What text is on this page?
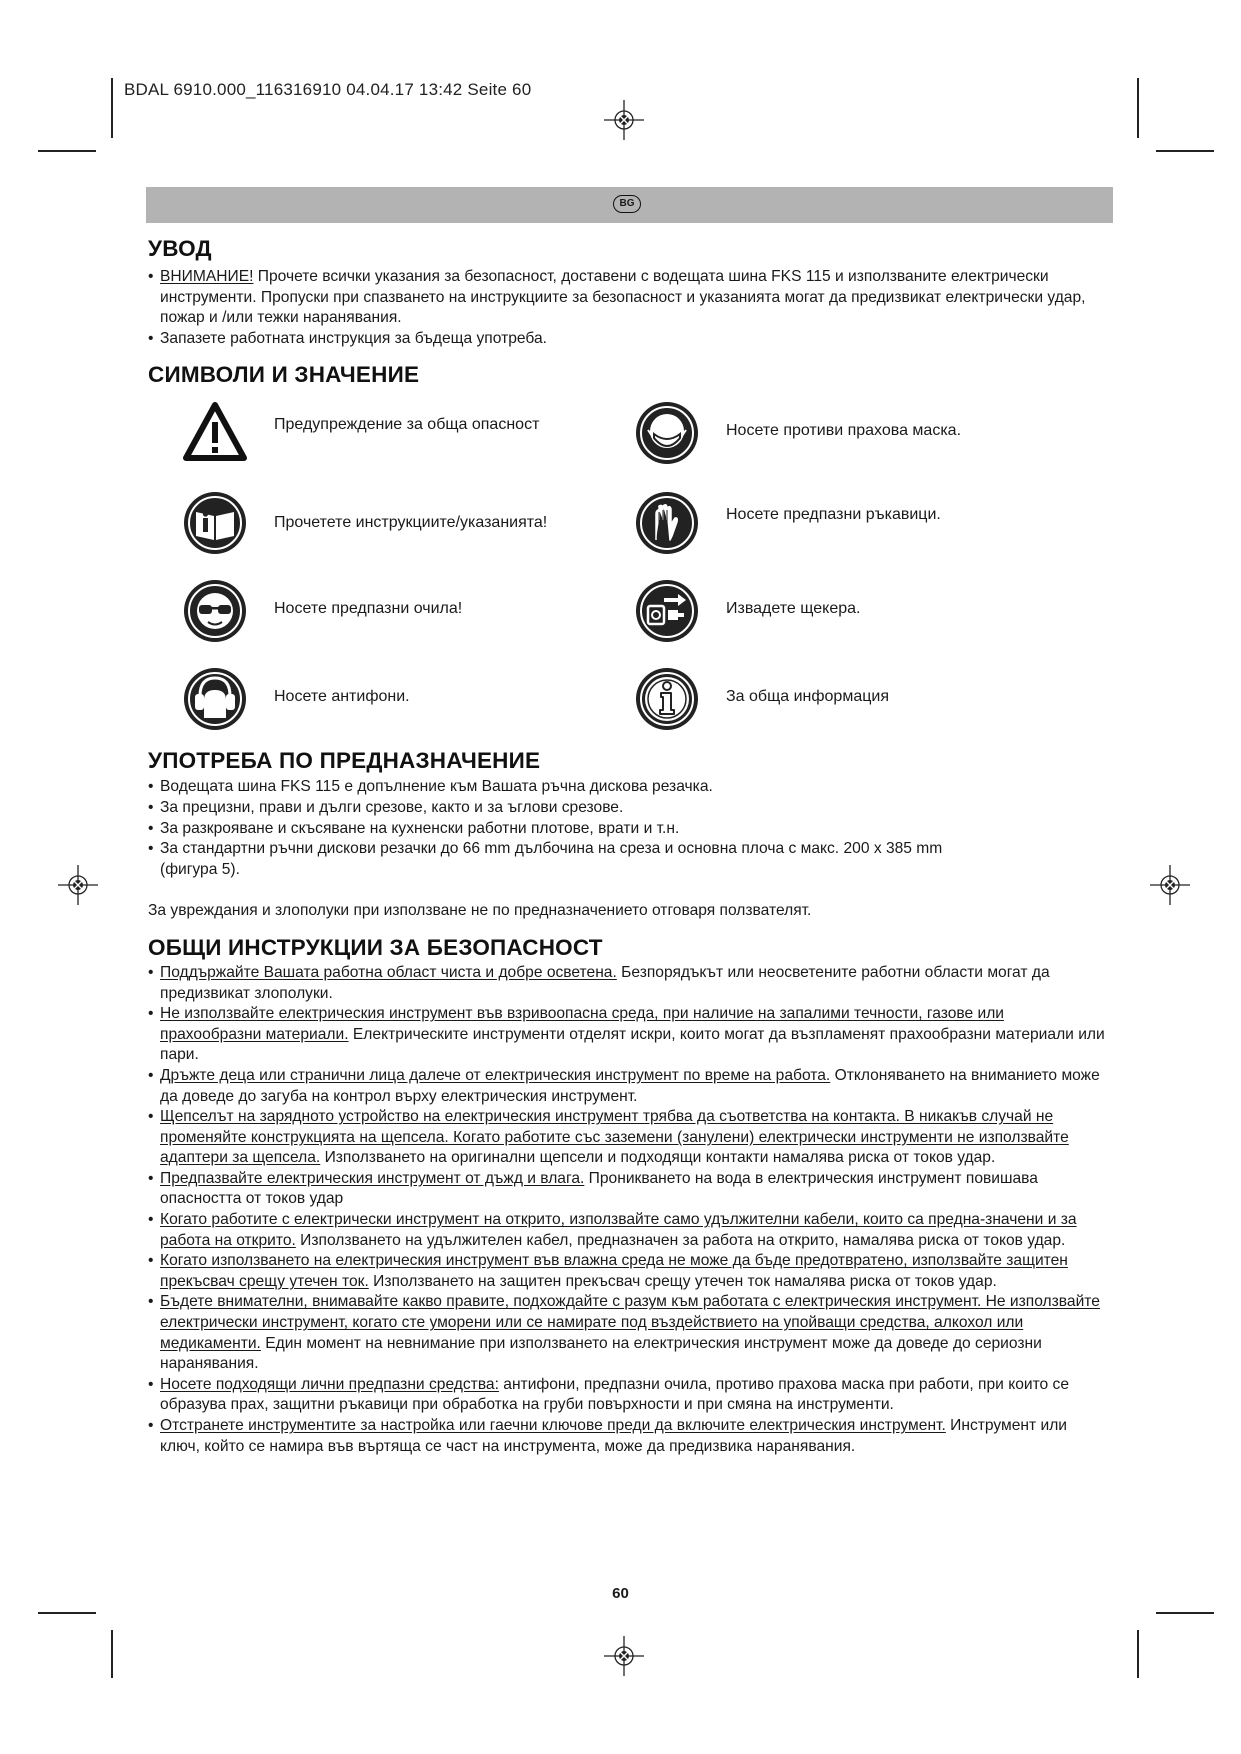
BDAL 6910.000_116316910 04.04.17 13:42 Seite 60
BG
УВОД
• ВНИМАНИЕ! Прочете всички указания за безопасност, доставени с водещата шина FKS 115 и използваните електрически инструменти. Пропуски при спазването на инструкциите за безопасност и указанията могат да предизвикат електрически удар, пожар и /или тежки наранявания.
• Запазете работната инструкция за бъдеща употреба.
СИМВОЛИ И ЗНАЧЕНИЕ
Предупреждение за обща опасност	Носете противи прахова маска.
Прочетете инструкциите/указанията!	Носете предпазни ръкавици.
Носете предпазни очила!	Извадете щекера.
Носете антифони.	За обща информация
УПОТРЕБА ПО ПРЕДНАЗНАЧЕНИЕ
• Водещата шина FKS 115 е допълнение към Вашата ръчна дискова резачка.
• За прецизни, прави и дълги срезове, както и за ъглови срезове.
• За разкрояване и скъсяване на кухненски работни плотове, врати и т.н.
• За стандартни ръчни дискови резачки до 66 mm дълбочина на среза и основна плоча с макс. 200 x 385 mm (фигура 5).

За увреждания и злополуки при използване не по предназначението отговаря ползвателят.

ОБЩИ ИНСТРУКЦИИ ЗА БЕЗОПАСНОСТ
• Поддържайте Вашата работна област чиста и добре осветена. Безпорядъкът или неосветените работни области могат да предизвикат злополуки.
• Не използвайте електрическия инструмент във взривоопасна среда, при наличие на запалими течности, газове или прахообразни материали. Електрическите инструменти отделят искри, които могат да възпламенят прахообразни материали или пари.
• Дръжте деца или странични лица далече от електрическия инструмент по време на работа. Отклоняването на вниманието може да доведе до загуба на контрол върху електрическия инструмент.
• Щепселът на зарядното устройство на електрическия инструмент трябва да съответства на контакта. В никакъв случай не променяйте конструкцията на щепсела. Когато работите със заземени (занулени) електрически инструменти не използвайте адаптери за щепсела. Използването на оригинални щепсели и подходящи контакти намалява риска от токов удар.
• Предпазвайте електрическия инструмент от дъжд и влага. Проникването на вода в електрическия инструмент повишава опасността от токов удар
• Когато работите с електрически инструмент на открито, използвайте само удължителни кабели, които са предна-значени и за работа на открито. Използването на удължителен кабел, предназначен за работа на открито, намалява риска от токов удар.
• Когато използването на електрическия инструмент във влажна среда не може да бъде предотвратено, използвайте защитен прекъсвач срещу утечен ток. Използването на защитен прекъсвач срещу утечен ток намалява риска от токов удар.
• Бъдете внимателни, внимавайте какво правите, подхождайте с разум към работата с електрическия инструмент. Не използвайте електрически инструмент, когато сте уморени или се намирате под въздействието на упойващи средства, алкохол или медикаменти. Един момент на невнимание при използването на електрическия инструмент може да доведе до сериозни наранявания.
• Носете подходящи лични предпазни средства: антифони, предпазни очила, противо прахова маска при работи, при които се образува прах, защитни ръкавици при обработка на груби повърхности и при смяна на инструменти.
• Отстранете инструментите за настройка или гаечни ключове преди да включите електрическия инструмент. Инструмент или ключ, който се намира във въртяща се част на инструмента, може да предизвика наранявания.
60
